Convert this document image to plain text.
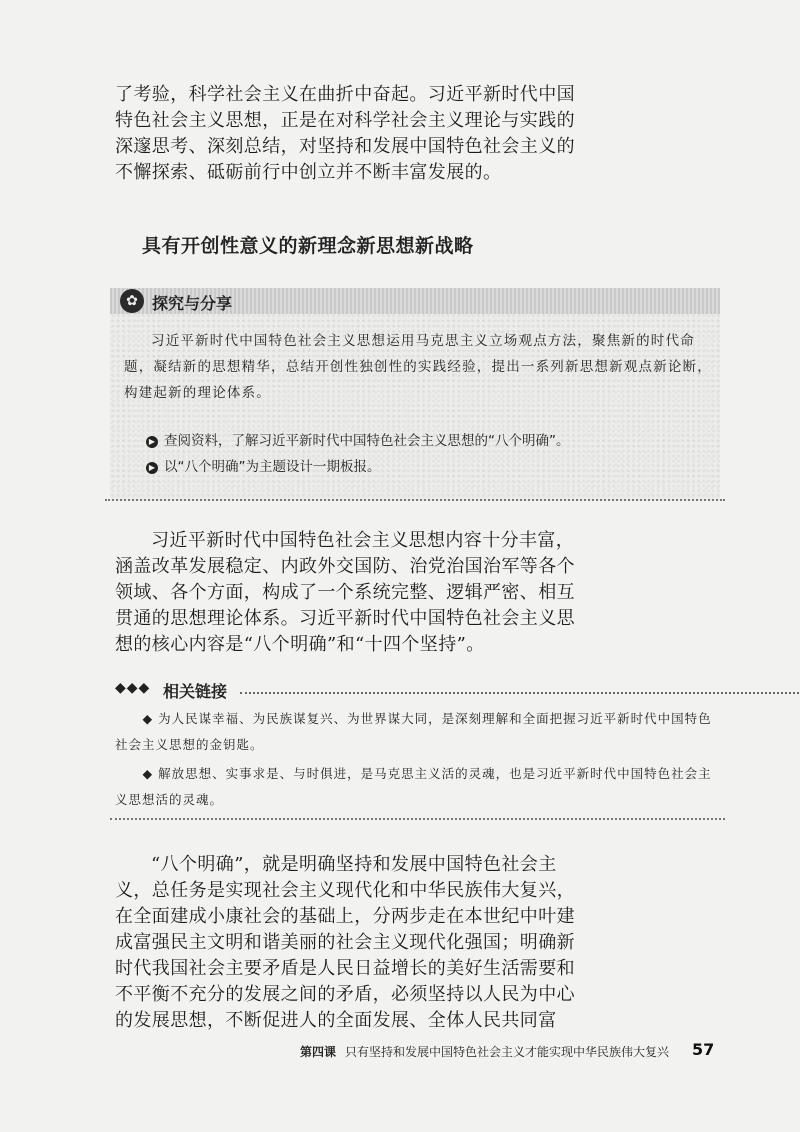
了考验，科学社会主义在曲折中奋起。习近平新时代中国特色社会主义思想，正是在对科学社会主义理论与实践的深邃思考、深刻总结，对坚持和发展中国特色社会主义的不懈探索、砥砺前行中创立并不断丰富发展的。

具有开创性意义的新理念新思想新战略
✿ 探究与分享

习近平新时代中国特色社会主义思想运用马克思主义立场观点方法，聚焦新的时代命题，凝结新的思想精华，总结开创性独创性的实践经验，提出一系列新思想新观点新论断，构建起新的理论体系。

▶ 查阅资料，了解习近平新时代中国特色社会主义思想的“八个明确”。
▶ 以“八个明确”为主题设计一期板报。

习近平新时代中国特色社会主义思想内容十分丰富，涵盖改革发展稳定、内政外交国防、治党治国治军等各个领域、各个方面，构成了一个系统完整、逻辑严密、相互贯通的思想理论体系。习近平新时代中国特色社会主义思想的核心内容是“八个明确”和“十四个坚持”。

◆◆◆ 相关链接

◆ 为人民谋幸福、为民族谋复兴、为世界谋大同，是深刻理解和全面把握习近平新时代中国特色社会主义思想的金钥匙。

◆ 解放思想、实事求是、与时俱进，是马克思主义活的灵魂，也是习近平新时代中国特色社会主义思想活的灵魂。

“八个明确”，就是明确坚持和发展中国特色社会主义，总任务是实现社会主义现代化和中华民族伟大复兴，在全面建成小康社会的基础上，分两步走在本世纪中叶建成富强民主文明和谐美丽的社会主义现代化强国；明确新时代我国社会主要矛盾是人民日益增长的美好生活需要和不平衡不充分的发展之间的矛盾，必须坚持以人民为中心的发展思想，不断促进人的全面发展、全体人民共同富

第四课 只有坚持和发展中国特色社会主义才能实现中华民族伟大复兴 57
